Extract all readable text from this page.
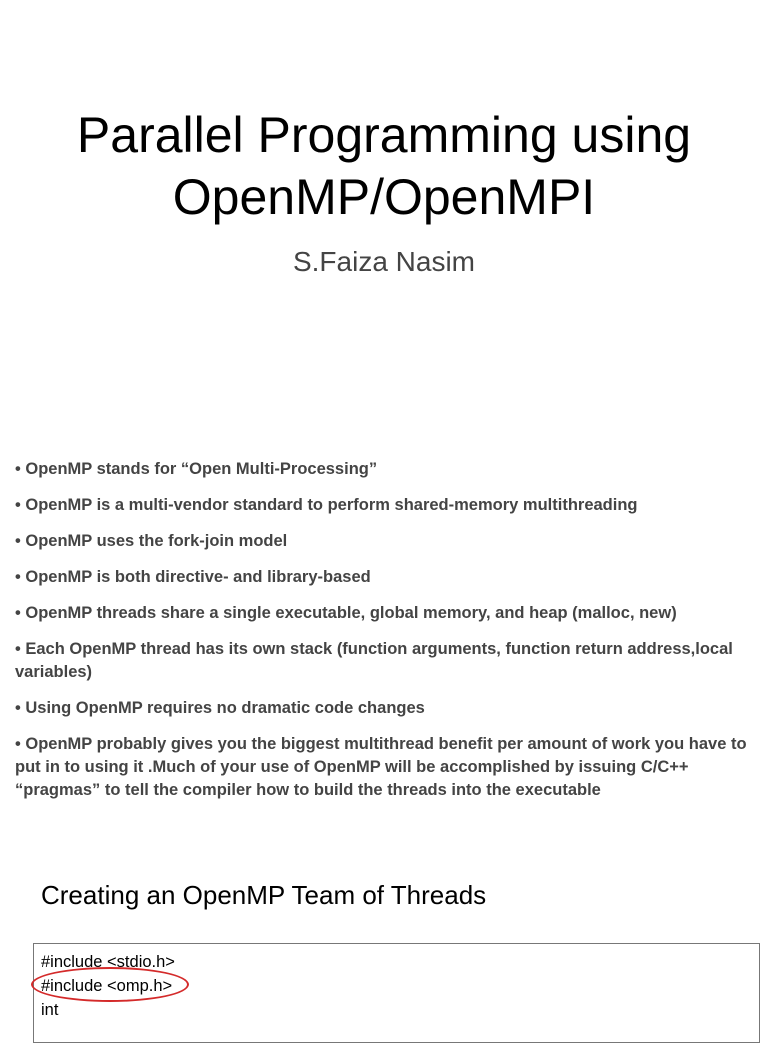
Parallel Programming using
OpenMP/OpenMPI
S.Faiza Nasim
• OpenMP stands for “Open Multi-Processing”
• OpenMP is a multi-vendor standard to perform shared-memory multithreading
• OpenMP uses the fork-join model
• OpenMP is both directive- and library-based
• OpenMP threads share a single executable, global memory, and heap (malloc, new)
• Each OpenMP thread has its own stack (function arguments, function return address,local variables)
• Using OpenMP requires no dramatic code changes
• OpenMP probably gives you the biggest multithread benefit per amount of work you have to put in to using it .Much of your use of OpenMP will be accomplished by issuing C/C++ “pragmas” to tell the compiler how to build the threads into the executable
Creating an OpenMP Team of Threads
#include <stdio.h>
#include <omp.h>
int
